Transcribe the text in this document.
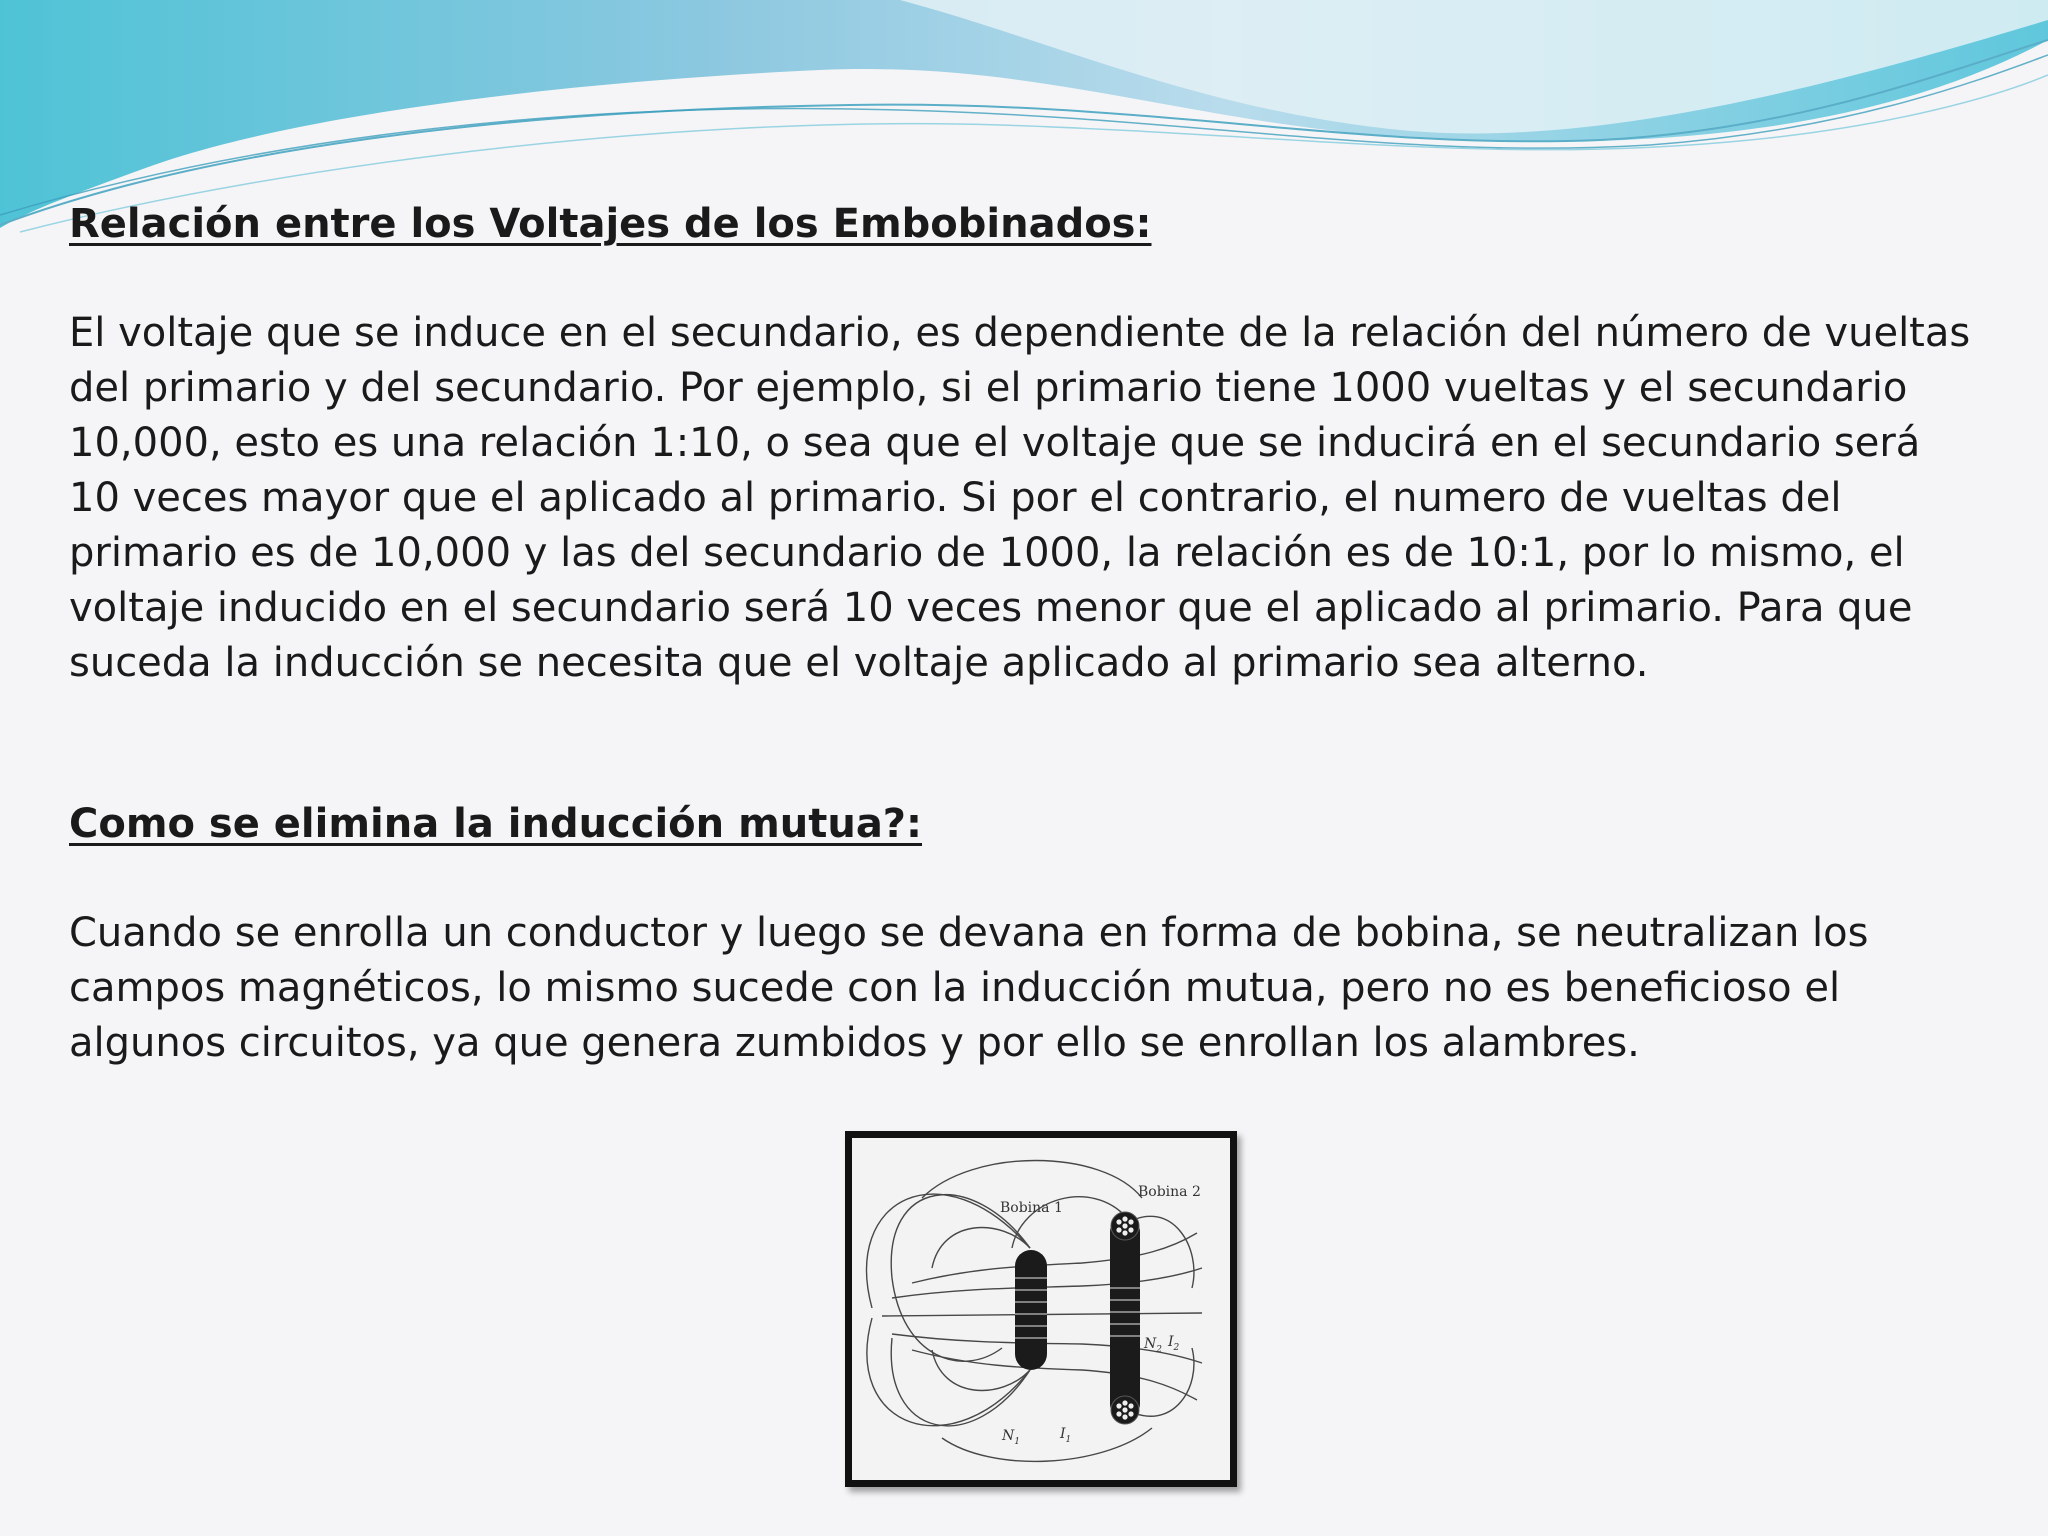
Relación entre los Voltajes de los Embobinados:

El voltaje que se induce en el secundario, es dependiente de la relación del número de vueltas
del primario y del secundario. Por ejemplo, si el primario tiene 1000 vueltas y el secundario
10,000, esto es una relación 1:10, o sea que el voltaje que se inducirá en el secundario será
10 veces mayor que el aplicado al primario. Si por el contrario, el numero de vueltas del
primario es de 10,000 y las del secundario de 1000, la relación es de 10:1, por lo mismo, el
voltaje inducido en el secundario será 10 veces menor que el aplicado al primario. Para que
suceda la inducción se necesita que el voltaje aplicado al primario sea alterno.

Como se elimina la inducción mutua?:

Cuando se enrolla un conductor y luego se devana en forma de bobina, se neutralizan los
campos magnéticos, lo mismo sucede con la inducción mutua, pero no es beneficioso el
algunos circuitos, ya que genera zumbidos y por ello se enrollan los alambres.

Bobina 1
Bobina 2
$N_1$	$I_1$
$N_2$ $I_2$
